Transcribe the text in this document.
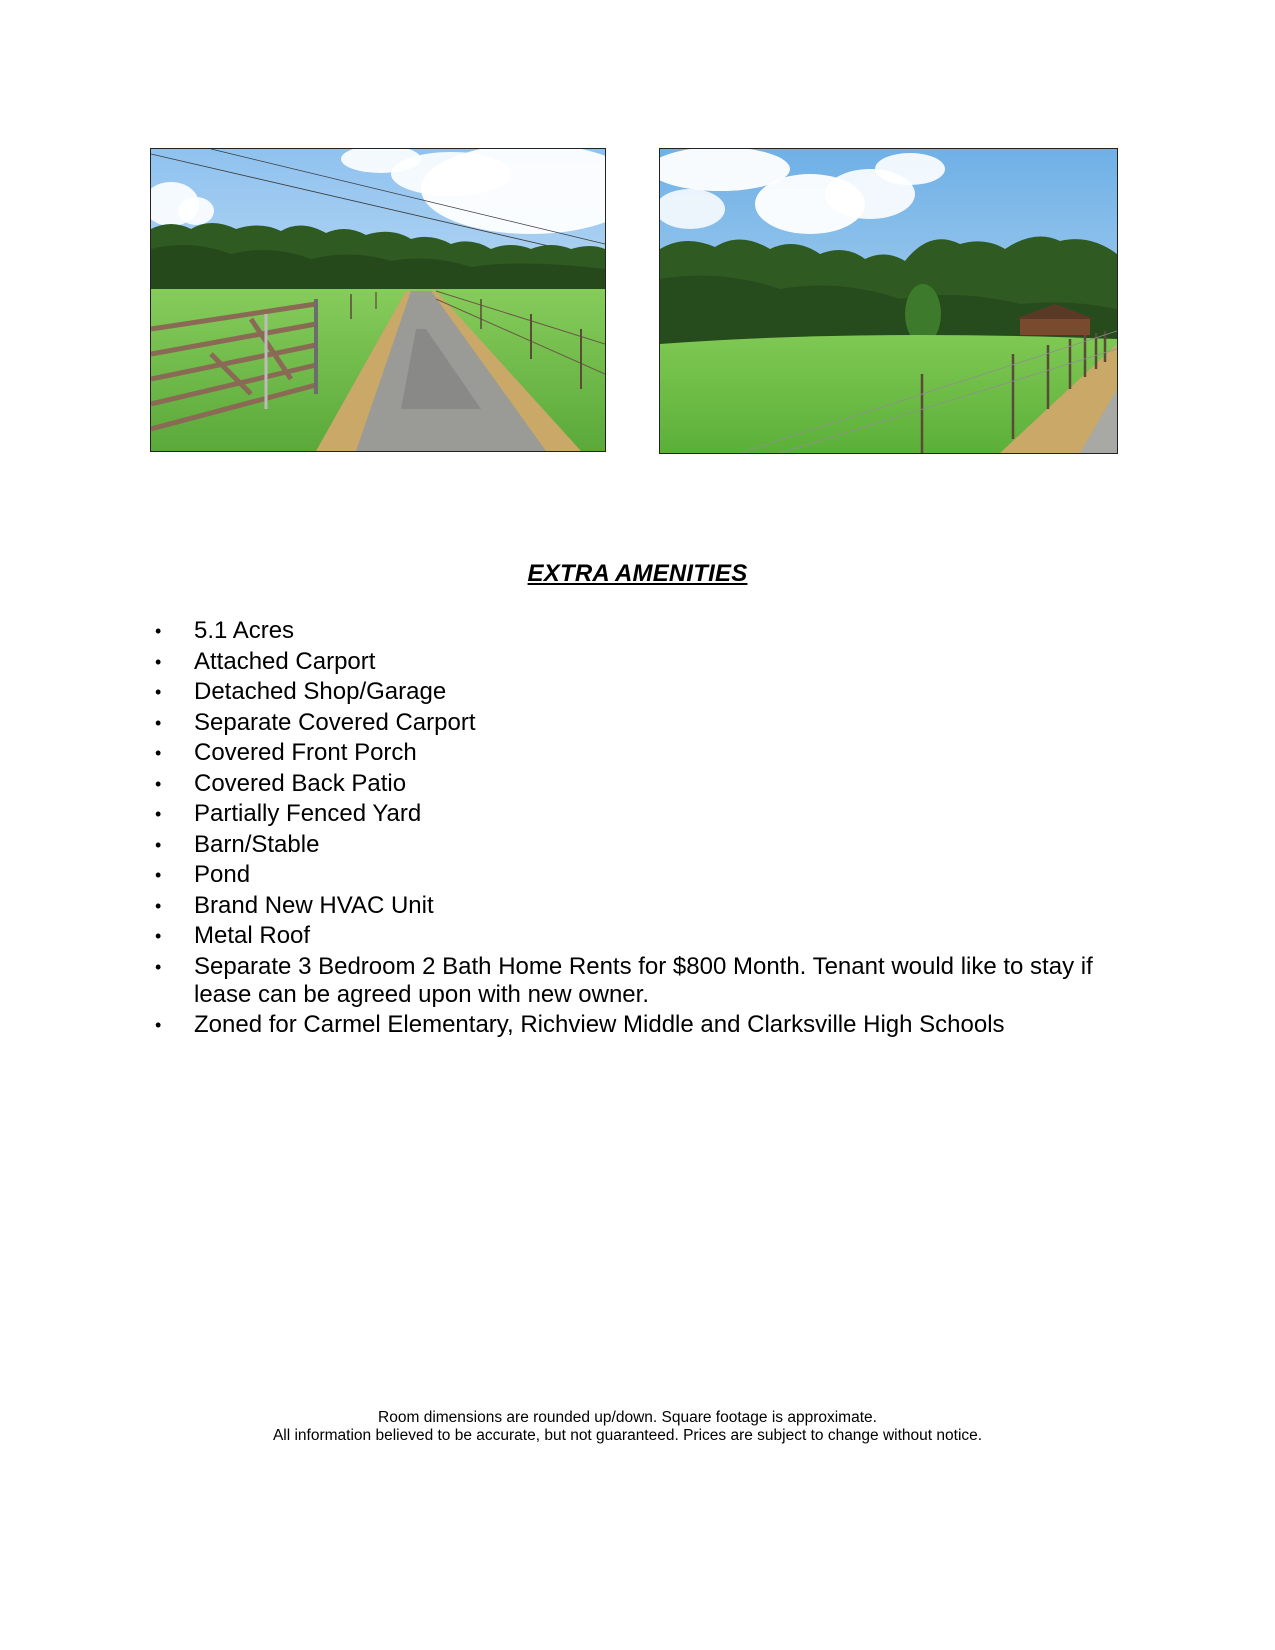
EXTRA AMENITIES
•	5.1 Acres
•	Attached Carport
•	Detached Shop/Garage
•	Separate Covered Carport
•	Covered Front Porch
•	Covered Back Patio
•	Partially Fenced Yard
•	Barn/Stable
•	Pond
•	Brand New HVAC Unit
•	Metal Roof
•	Separate 3 Bedroom 2 Bath Home Rents for $800 Month. Tenant would like to stay if lease can be agreed upon with new owner.
•	Zoned for Carmel Elementary, Richview Middle and Clarksville High Schools
Room dimensions are rounded up/down. Square footage is approximate.
All information believed to be accurate, but not guaranteed. Prices are subject to change without notice.
